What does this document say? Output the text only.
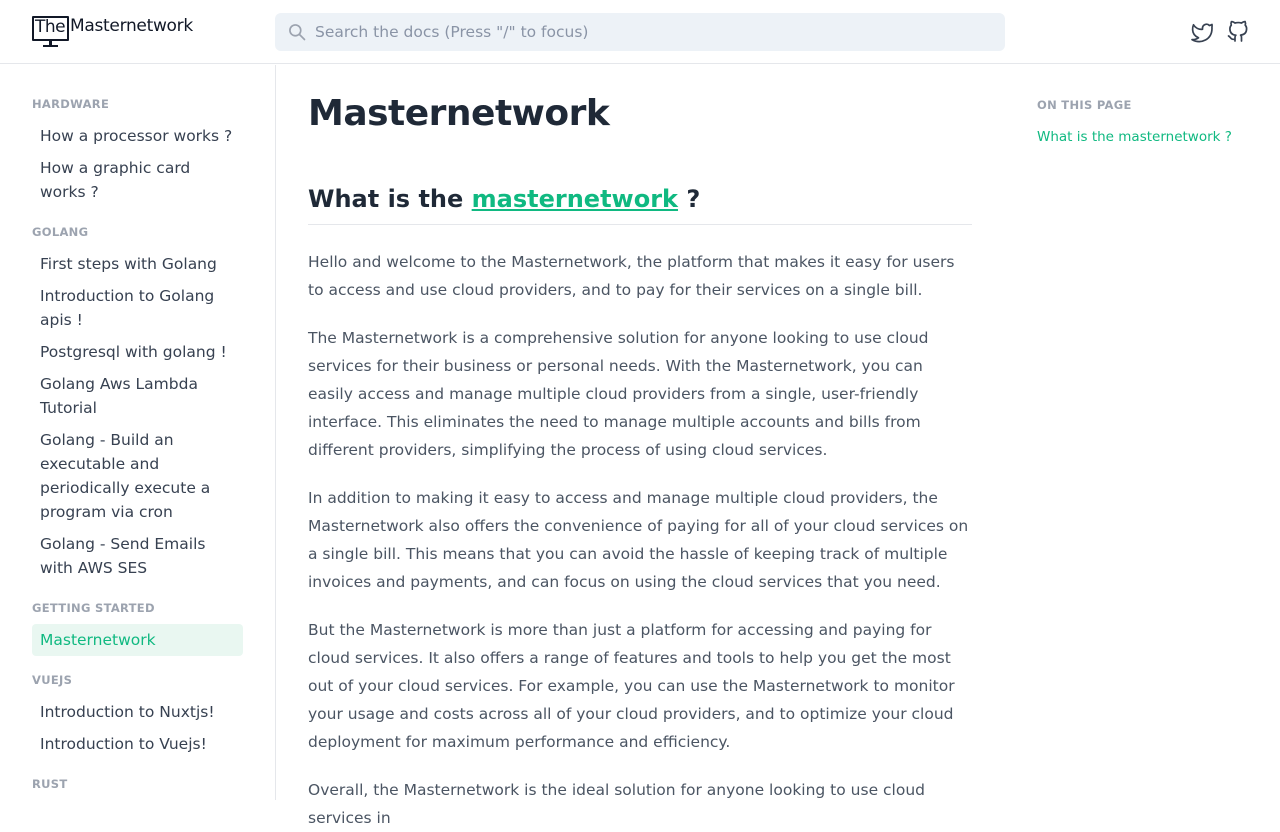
The Masternetwork
Search the docs (Press "/" to focus)
HARDWARE
How a processor works ?
How a graphic card works ?
GOLANG
First steps with Golang
Introduction to Golang apis !
Postgresql with golang !
Golang Aws Lambda Tutorial
Golang - Build an executable and periodically execute a program via cron
Golang - Send Emails with AWS SES
GETTING STARTED
Masternetwork
VUEJS
Introduction to Nuxtjs!
Introduction to Vuejs!
RUST
Masternetwork
What is the masternetwork ?

Hello and welcome to the Masternetwork, the platform that makes it easy for users to access and use cloud providers, and to pay for their services on a single bill.

The Masternetwork is a comprehensive solution for anyone looking to use cloud services for their business or personal needs. With the Masternetwork, you can easily access and manage multiple cloud providers from a single, user-friendly interface. This eliminates the need to manage multiple accounts and bills from different providers, simplifying the process of using cloud services.

In addition to making it easy to access and manage multiple cloud providers, the Masternetwork also offers the convenience of paying for all of your cloud services on a single bill. This means that you can avoid the hassle of keeping track of multiple invoices and payments, and can focus on using the cloud services that you need.

But the Masternetwork is more than just a platform for accessing and paying for cloud services. It also offers a range of features and tools to help you get the most out of your cloud services. For example, you can use the Masternetwork to monitor your usage and costs across all of your cloud providers, and to optimize your cloud deployment for maximum performance and efficiency.

Overall, the Masternetwork is the ideal solution for anyone looking to use cloud services in

ON THIS PAGE
What is the masternetwork ?
